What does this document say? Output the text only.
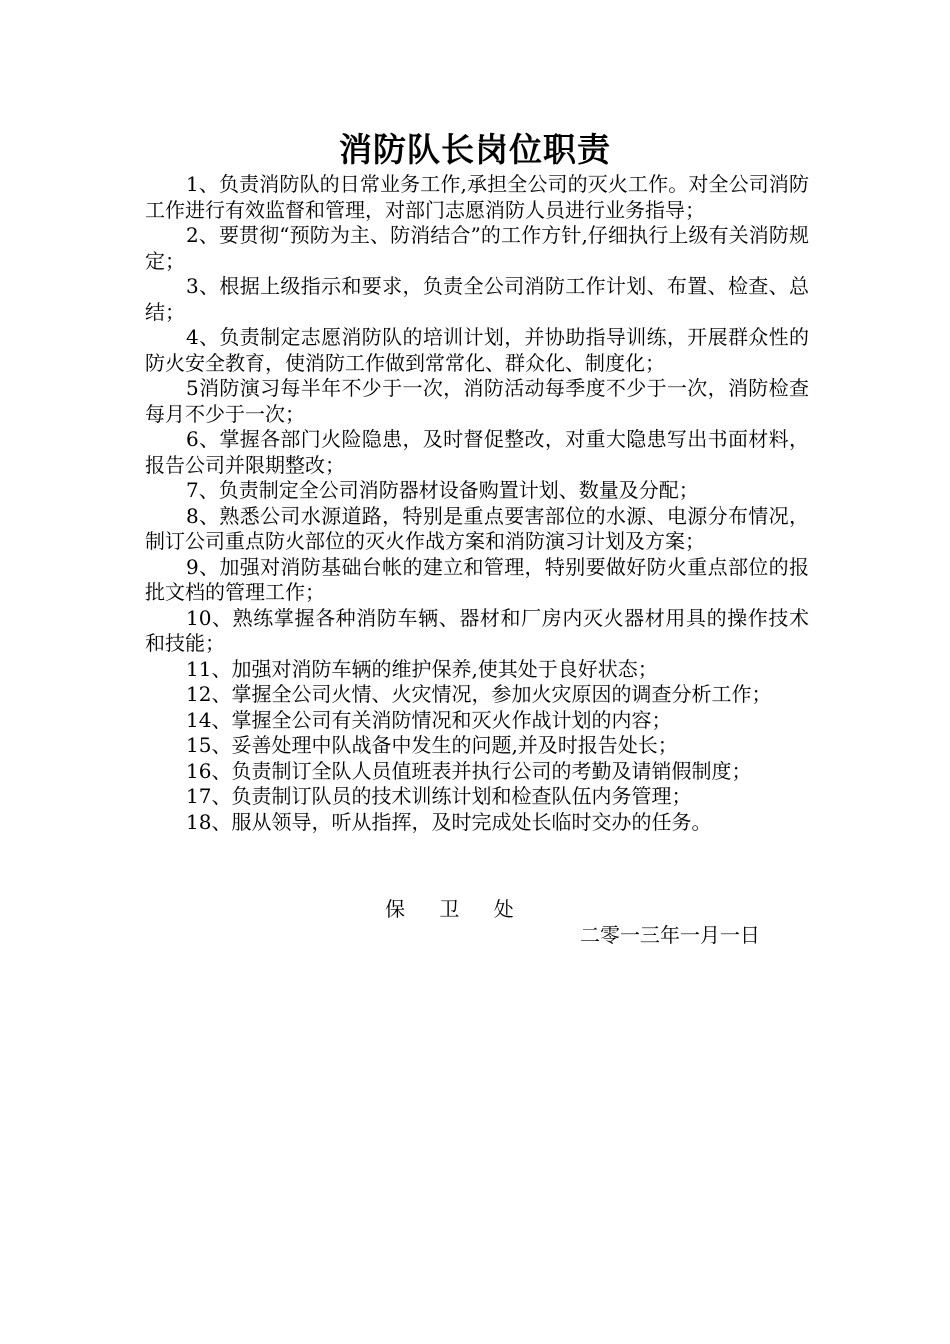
消防队长岗位职责

1、负责消防队的日常业务工作,承担全公司的灭火工作。对全公司消防工作进行有效监督和管理，对部门志愿消防人员进行业务指导；

2、要贯彻“预防为主、防消结合”的工作方针,仔细执行上级有关消防规定；

3、根据上级指示和要求，负责全公司消防工作计划、布置、检查、总结；

4、负责制定志愿消防队的培训计划，并协助指导训练，开展群众性的防火安全教育，使消防工作做到常常化、群众化、制度化；

5消防演习每半年不少于一次，消防活动每季度不少于一次，消防检查每月不少于一次；

6、掌握各部门火险隐患，及时督促整改，对重大隐患写出书面材料，报告公司并限期整改；

7、负责制定全公司消防器材设备购置计划、数量及分配；

8、熟悉公司水源道路，特别是重点要害部位的水源、电源分布情况，制订公司重点防火部位的灭火作战方案和消防演习计划及方案；

9、加强对消防基础台帐的建立和管理，特别要做好防火重点部位的报批文档的管理工作；

10、熟练掌握各种消防车辆、器材和厂房内灭火器材用具的操作技术和技能；

11、加强对消防车辆的维护保养,使其处于良好状态；

12、掌握全公司火情、火灾情况，参加火灾原因的调查分析工作；

14、掌握全公司有关消防情况和灭火作战计划的内容；

15、妥善处理中队战备中发生的问题,并及时报告处长；

16、负责制订全队人员值班表并执行公司的考勤及请销假制度；

17、负责制订队员的技术训练计划和检查队伍内务管理；

18、服从领导，听从指挥，及时完成处长临时交办的任务。

保 卫 处
二零一三年一月一日
